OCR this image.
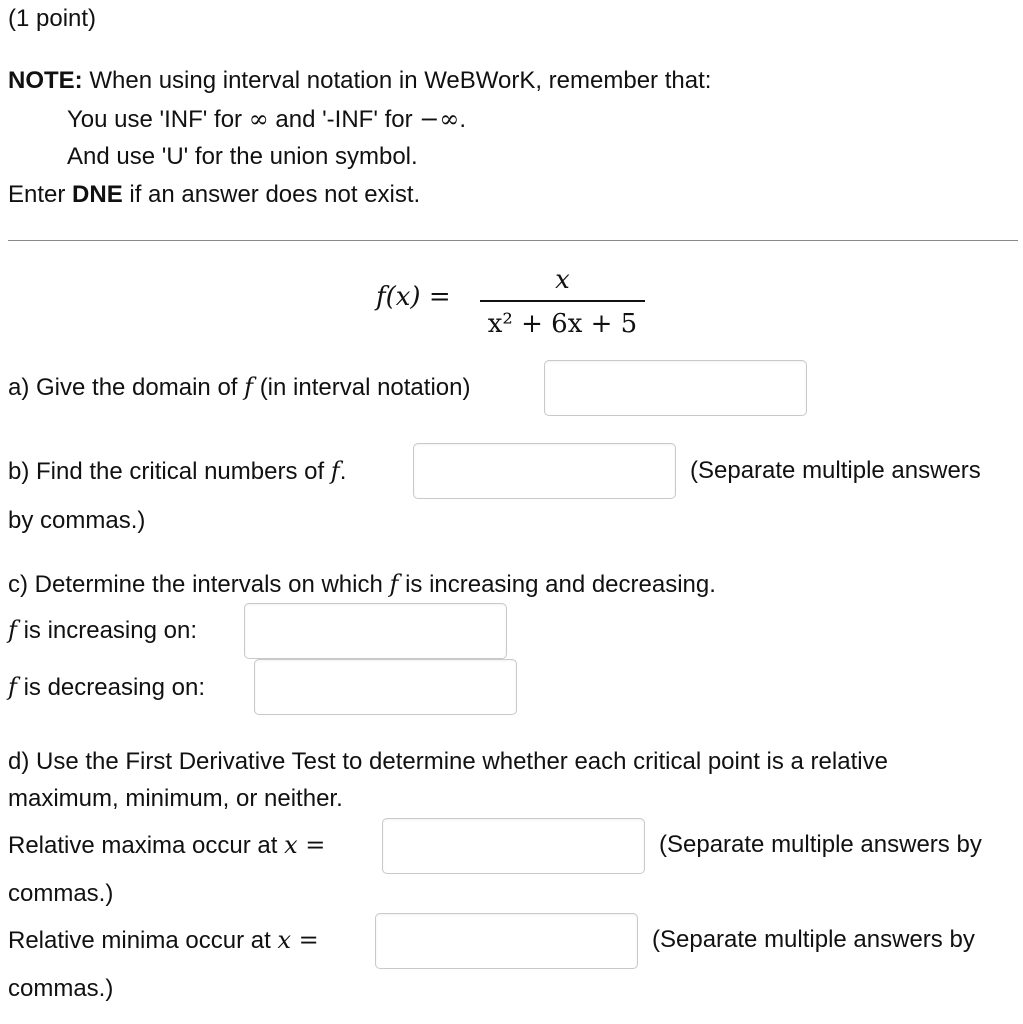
(1 point)
NOTE: When using interval notation in WeBWorK, remember that:
You use 'INF' for ∞ and '-INF' for −∞.
And use 'U' for the union symbol.
Enter DNE if an answer does not exist.
f(x) =
x
x² + 6x + 5
a) Give the domain of f (in interval notation)
b) Find the critical numbers of f.	(Separate multiple answers
by commas.)
c) Determine the intervals on which f is increasing and decreasing.
f is increasing on:
f is decreasing on:
d) Use the First Derivative Test to determine whether each critical point is a relative
maximum, minimum, or neither.
Relative maxima occur at x =	(Separate multiple answers by
commas.)
Relative minima occur at x =	(Separate multiple answers by
commas.)
